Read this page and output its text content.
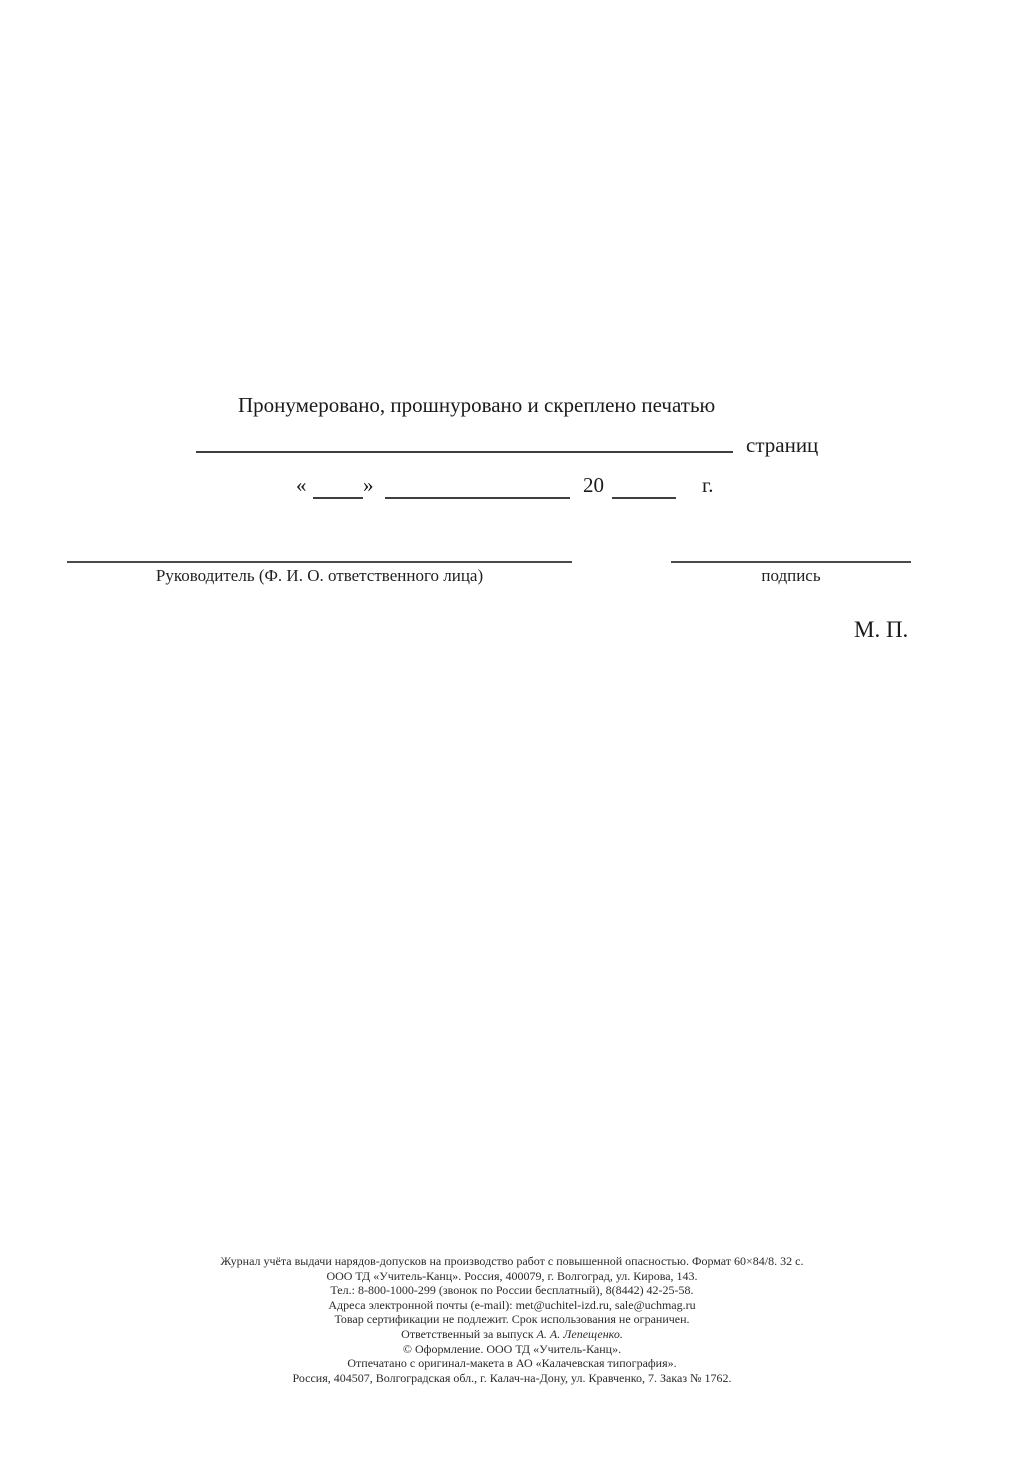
Пронумеровано, прошнуровано и скреплено печатью
страниц
«	»	20	г.
Руководитель (Ф. И. О. ответственного лица)	подпись
М. П.
Журнал учёта выдачи нарядов-допусков на производство работ с повышенной опасностью. Формат 60×84/8. 32 с.
ООО ТД «Учитель-Канц». Россия, 400079, г. Волгоград, ул. Кирова, 143.
Тел.: 8-800-1000-299 (звонок по России бесплатный), 8(8442) 42-25-58.
Адреса электронной почты (e-mail): met@uchitel-izd.ru, sale@uchmag.ru
Товар сертификации не подлежит. Срок использования не ограничен.
Ответственный за выпуск А. А. Лепещенко.
© Оформление. ООО ТД «Учитель-Канц».
Отпечатано с оригинал-макета в АО «Калачевская типография».
Россия, 404507, Волгоградская обл., г. Калач-на-Дону, ул. Кравченко, 7. Заказ № 1762.
